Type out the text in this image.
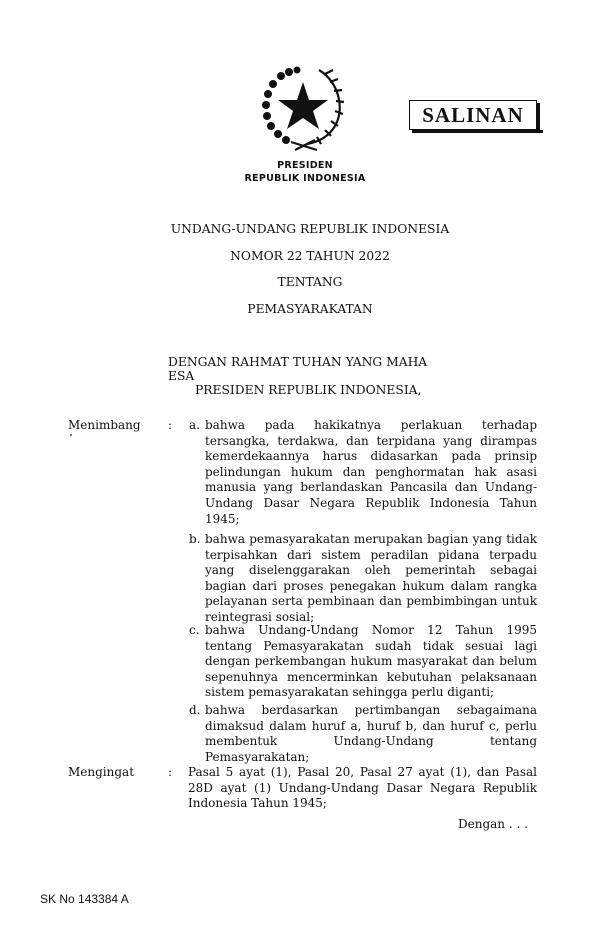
SALINAN
PRESIDEN
REPUBLIK INDONESIA
UNDANG-UNDANG REPUBLIK INDONESIA
NOMOR 22 TAHUN 2022
TENTANG
PEMASYARAKATAN
DENGAN RAHMAT TUHAN YANG MAHA ESA
PRESIDEN REPUBLIK INDONESIA,
Menimbang : a. bahwa pada hakikatnya perlakuan terhadap tersangka, terdakwa, dan terpidana yang dirampas kemerdekaannya harus didasarkan pada prinsip pelindungan hukum dan penghormatan hak asasi manusia yang berlandaskan Pancasila dan Undang-Undang Dasar Negara Republik Indonesia Tahun 1945;
b. bahwa pemasyarakatan merupakan bagian yang tidak terpisahkan dari sistem peradilan pidana terpadu yang diselenggarakan oleh pemerintah sebagai bagian dari proses penegakan hukum dalam rangka pelayanan serta pembinaan dan pembimbingan untuk reintegrasi sosial;
c. bahwa Undang-Undang Nomor 12 Tahun 1995 tentang Pemasyarakatan sudah tidak sesuai lagi dengan perkembangan hukum masyarakat dan belum sepenuhnya mencerminkan kebutuhan pelaksanaan sistem pemasyarakatan sehingga perlu diganti;
d. bahwa berdasarkan pertimbangan sebagaimana dimaksud dalam huruf a, huruf b, dan huruf c, perlu membentuk Undang-Undang tentang Pemasyarakatan;
Mengingat	: Pasal 5 ayat (1), Pasal 20, Pasal 27 ayat (1), dan Pasal 28D ayat (1) Undang-Undang Dasar Negara Republik Indonesia Tahun 1945;
Dengan . . .
SK No 143384 A
